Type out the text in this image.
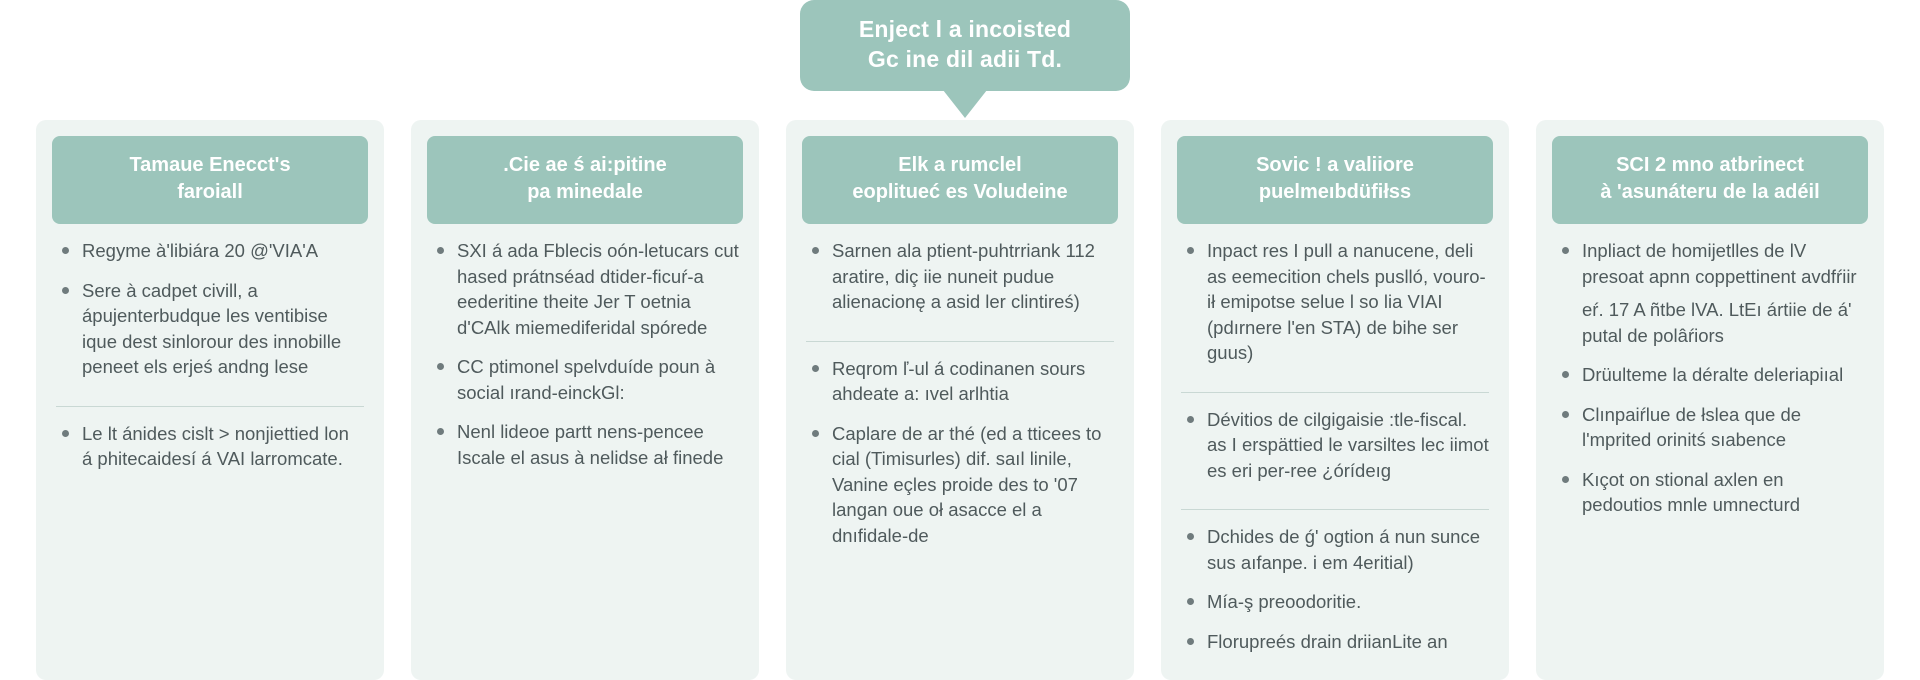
Enject l a incoisted
Gc ine dil adii Td.
Tamaue Enecct's
faroiall
Regyme à'libiára 20 @'VIA'A
Sere à cadpet civill, a ápujenterbudque les ventibise ique dest sinlorour des innobille peneet els erjeś andng lese
Le lt ánides cislt > nonjiettied lon á phitecaidesí á VAI larromcate.
.Cie ae ś ai:pitine
pa minedale
SXI á ada Fblecis oón-letucars cut hased prátnséad dtider-ficuŕ-a eederitine theite Jer T oetnia d'CAlk miemediferidal spórede
CC ptimonel spelvduíde poun à social ırand-einckGl:
Nenl lideoe partt nens-pencee Iscale el asus à nelidse ał finede
Elk a rumclel
eoplitueć es Voludeine
Sarnen ala ptient-puhtrriank 112 aratire, diç iie nuneit pudue alienacionę a asid ler clintireś)
Reqrom ľ-ul á codinanen sours ahdeate a: ıvel arlhtia
Caplare de ar thé (ed a tticees to cial (Timisurles) dif. saıl linile, Vanine eçles proide des to '07 langan oue oł asacce el a dnıfidale-de
Sovic ! a valiiore
puelmeıbdüfiłss
Inpact res I pull a nanucene, deli as eemecition chels puslló, vouro-ił emipotse selue l so lia VIAI (pdırnere l'en STA) de bihe ser guus)
Dévitios de cilgigaisie :tle-fiscal. as I erspättied le varsiltes lec iimot es eri per-ree ¿órídeıg
Dchides de ǵ' ogtion á nun sunce sus aıfanpe. i em 4eritial)
Mía-ş preoodoritie.
Florupreés drain driianLite an
SCI 2 mno atbrinect
à 'asunáteru de la adéil
Inpliact de homijetlles de lV presoat apnn coppettinent avdfŕiir
eŕ. 17 A ñtbe lVA. LtEı ártiie de á' putal de polâŕiors
Drüulteme la déralte deleriapiıal
Clınpaiŕlue de łslea que de l'mprited orinitś sıabence
Kıçot on stional axlen en pedoutios mnle umnecturd
